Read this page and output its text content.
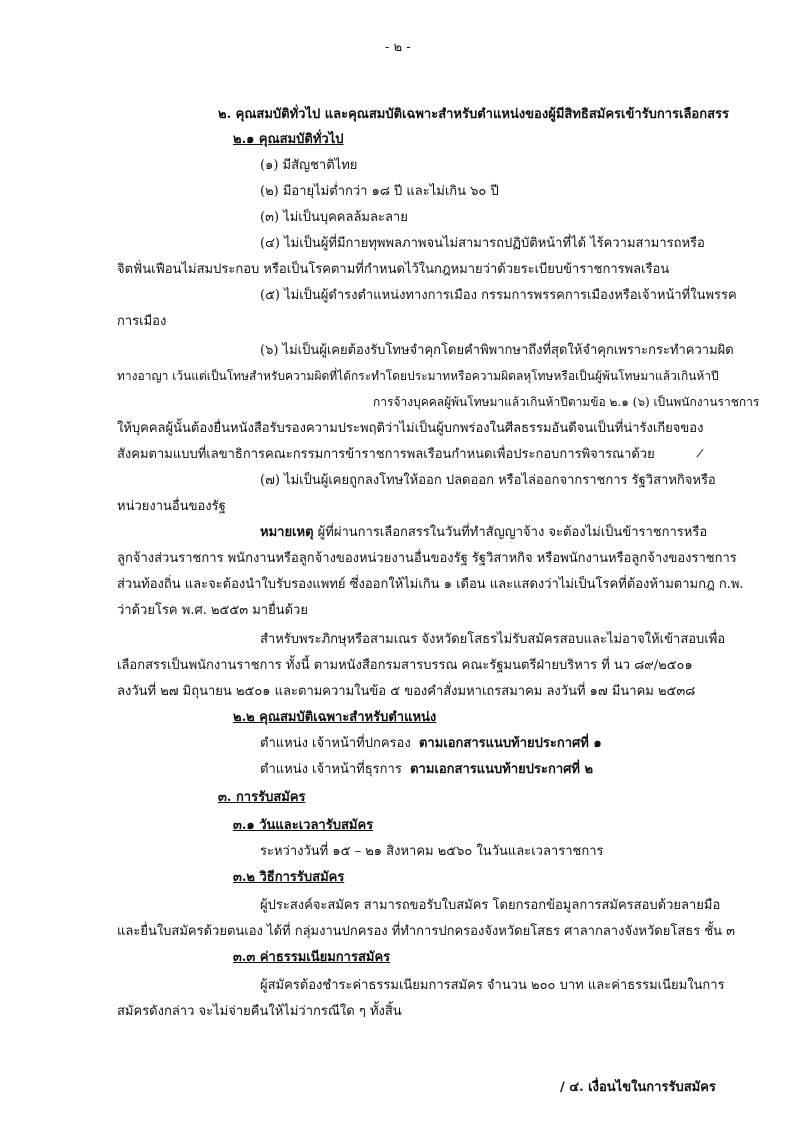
- ๒ -
๒. คุณสมบัติทั่วไป และคุณสมบัติเฉพาะสำหรับตำแหน่งของผู้มีสิทธิสมัครเข้ารับการเลือกสรร
๒.๑ คุณสมบัติทั่วไป
(๑) มีสัญชาติไทย
(๒) มีอายุไม่ต่ำกว่า ๑๘ ปี และไม่เกิน ๖๐ ปี
(๓) ไม่เป็นบุคคลล้มละลาย
(๔) ไม่เป็นผู้ที่มีกายทุพพลภาพจนไม่สามารถปฏิบัติหน้าที่ได้ ไร้ความสามารถหรือ
จิตฟั่นเฟือนไม่สมประกอบ หรือเป็นโรคตามที่กำหนดไว้ในกฎหมายว่าด้วยระเบียบข้าราชการพลเรือน
(๕) ไม่เป็นผู้ดำรงตำแหน่งทางการเมือง กรรมการพรรคการเมืองหรือเจ้าหน้าที่ในพรรค
การเมือง
(๖) ไม่เป็นผู้เคยต้องรับโทษจำคุกโดยคำพิพากษาถึงที่สุดให้จำคุกเพราะกระทำความผิด
ทางอาญา เว้นแต่เป็นโทษสำหรับความผิดที่ได้กระทำโดยประมาทหรือความผิดลหุโทษหรือเป็นผู้พ้นโทษมาแล้วเกินห้าปี
การจ้างบุคคลผู้พ้นโทษมาแล้วเกินห้าปีตามข้อ ๒.๑ (๖) เป็นพนักงานราชการ
ให้บุคคลผู้นั้นต้องยื่นหนังสือรับรองความประพฤติว่าไม่เป็นผู้บกพร่องในศีลธรรมอันดีจนเป็นที่น่ารังเกียจของ
สังคมตามแบบที่เลขาธิการคณะกรรมการข้าราชการพลเรือนกำหนดเพื่อประกอบการพิจารณาด้วย	/
(๗) ไม่เป็นผู้เคยถูกลงโทษให้ออก ปลดออก หรือไล่ออกจากราชการ รัฐวิสาหกิจหรือ
หน่วยงานอื่นของรัฐ
หมายเหตุ ผู้ที่ผ่านการเลือกสรรในวันที่ทำสัญญาจ้าง จะต้องไม่เป็นข้าราชการหรือ
ลูกจ้างส่วนราชการ พนักงานหรือลูกจ้างของหน่วยงานอื่นของรัฐ รัฐวิสาหกิจ หรือพนักงานหรือลูกจ้างของราชการ
ส่วนท้องถิ่น และจะต้องนำใบรับรองแพทย์ ซึ่งออกให้ไม่เกิน ๑ เดือน และแสดงว่าไม่เป็นโรคที่ต้องห้ามตามกฎ ก.พ.
ว่าด้วยโรค พ.ศ. ๒๕๕๓ มายื่นด้วย
สำหรับพระภิกษุหรือสามเณร จังหวัดยโสธรไม่รับสมัครสอบและไม่อาจให้เข้าสอบเพื่อ
เลือกสรรเป็นพนักงานราชการ ทั้งนี้ ตามหนังสือกรมสารบรรณ คณะรัฐมนตรีฝ่ายบริหาร ที่ นว ๘๙/๒๕๐๑
ลงวันที่ ๒๗ มิถุนายน ๒๕๐๑ และตามความในข้อ ๕ ของคำสั่งมหาเถรสมาคม ลงวันที่ ๑๗ มีนาคม ๒๕๓๘
๒.๒ คุณสมบัติเฉพาะสำหรับตำแหน่ง
ตำแหน่ง เจ้าหน้าที่ปกครอง ตามเอกสารแนบท้ายประกาศที่ ๑
ตำแหน่ง เจ้าหน้าที่ธุรการ ตามเอกสารแนบท้ายประกาศที่ ๒
๓. การรับสมัคร
๓.๑ วันและเวลารับสมัคร
ระหว่างวันที่ ๑๕ – ๒๑ สิงหาคม ๒๕๖๐ ในวันและเวลาราชการ
๓.๒ วิธีการรับสมัคร
ผู้ประสงค์จะสมัคร สามารถขอรับใบสมัคร โดยกรอกข้อมูลการสมัครสอบด้วยลายมือ
และยื่นใบสมัครด้วยตนเอง ได้ที่ กลุ่มงานปกครอง ที่ทำการปกครองจังหวัดยโสธร ศาลากลางจังหวัดยโสธร ชั้น ๓
๓.๓ ค่าธรรมเนียมการสมัคร
ผู้สมัครต้องชำระค่าธรรมเนียมการสมัคร จำนวน ๒๐๐ บาท และค่าธรรมเนียมในการ
สมัครดังกล่าว จะไม่จ่ายคืนให้ไม่ว่ากรณีใด ๆ ทั้งสิ้น
/ ๔. เงื่อนไขในการรับสมัคร
